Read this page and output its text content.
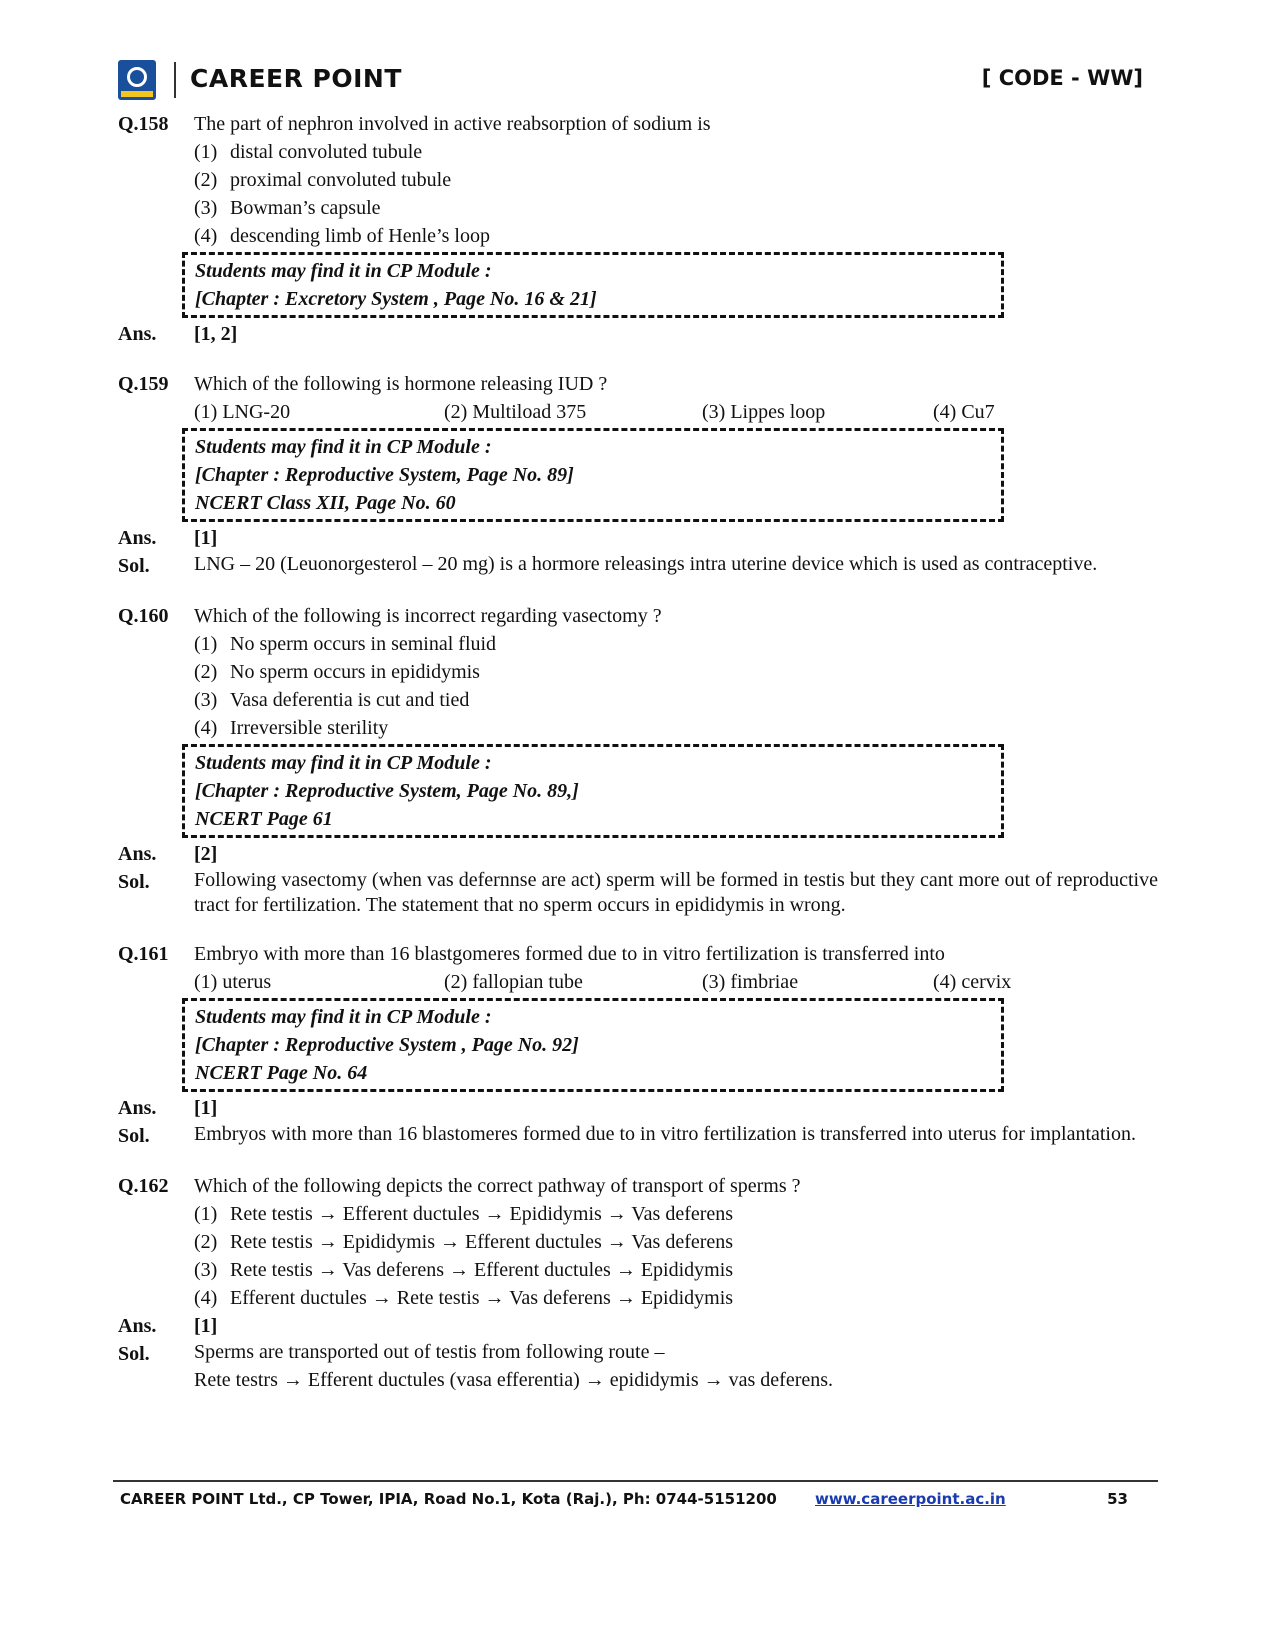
CAREER POINT	[ CODE - WW]
Q.158 The part of nephron involved in active reabsorption of sodium is
(1) distal convoluted tubule
(2) proximal convoluted tubule
(3) Bowman’s capsule
(4) descending limb of Henle’s loop
Students may find it in CP Module :
[Chapter : Excretory System , Page No. 16 & 21]
Ans. [1, 2]
Q.159 Which of the following is hormone releasing IUD ?
(1) LNG-20	(2) Multiload 375	(3) Lippes loop	(4) Cu7
Students may find it in CP Module :
[Chapter : Reproductive System, Page No. 89]
NCERT Class XII, Page No. 60
Ans. [1]
Sol. LNG – 20 (Leuonorgesterol – 20 mg) is a hormore releasings intra uterine device which is used as contraceptive.
Q.160 Which of the following is incorrect regarding vasectomy ?
(1) No sperm occurs in seminal fluid
(2) No sperm occurs in epididymis
(3) Vasa deferentia is cut and tied
(4) Irreversible sterility
Students may find it in CP Module :
[Chapter : Reproductive System, Page No. 89,]
NCERT Page 61
Ans. [2]
Sol. Following vasectomy (when vas defernnse are act) sperm will be formed in testis but they cant more out of reproductive tract for fertilization. The statement that no sperm occurs in epididymis in wrong.
Q.161 Embryo with more than 16 blastgomeres formed due to in vitro fertilization is transferred into
(1) uterus	(2) fallopian tube	(3) fimbriae	(4) cervix
Students may find it in CP Module :
[Chapter : Reproductive System , Page No. 92]
NCERT Page No. 64
Ans. [1]
Sol. Embryos with more than 16 blastomeres formed due to in vitro fertilization is transferred into uterus for implantation.
Q.162 Which of the following depicts the correct pathway of transport of sperms ?
(1) Rete testis → Efferent ductules → Epididymis → Vas deferens
(2) Rete testis → Epididymis → Efferent ductules → Vas deferens
(3) Rete testis → Vas deferens → Efferent ductules → Epididymis
(4) Efferent ductules → Rete testis → Vas deferens → Epididymis
Ans. [1]
Sol. Sperms are transported out of testis from following route –
Rete testrs → Efferent ductules (vasa efferentia) → epididymis → vas deferens.
CAREER POINT Ltd., CP Tower, IPIA, Road No.1, Kota (Raj.), Ph: 0744-5151200	www.careerpoint.ac.in	53
